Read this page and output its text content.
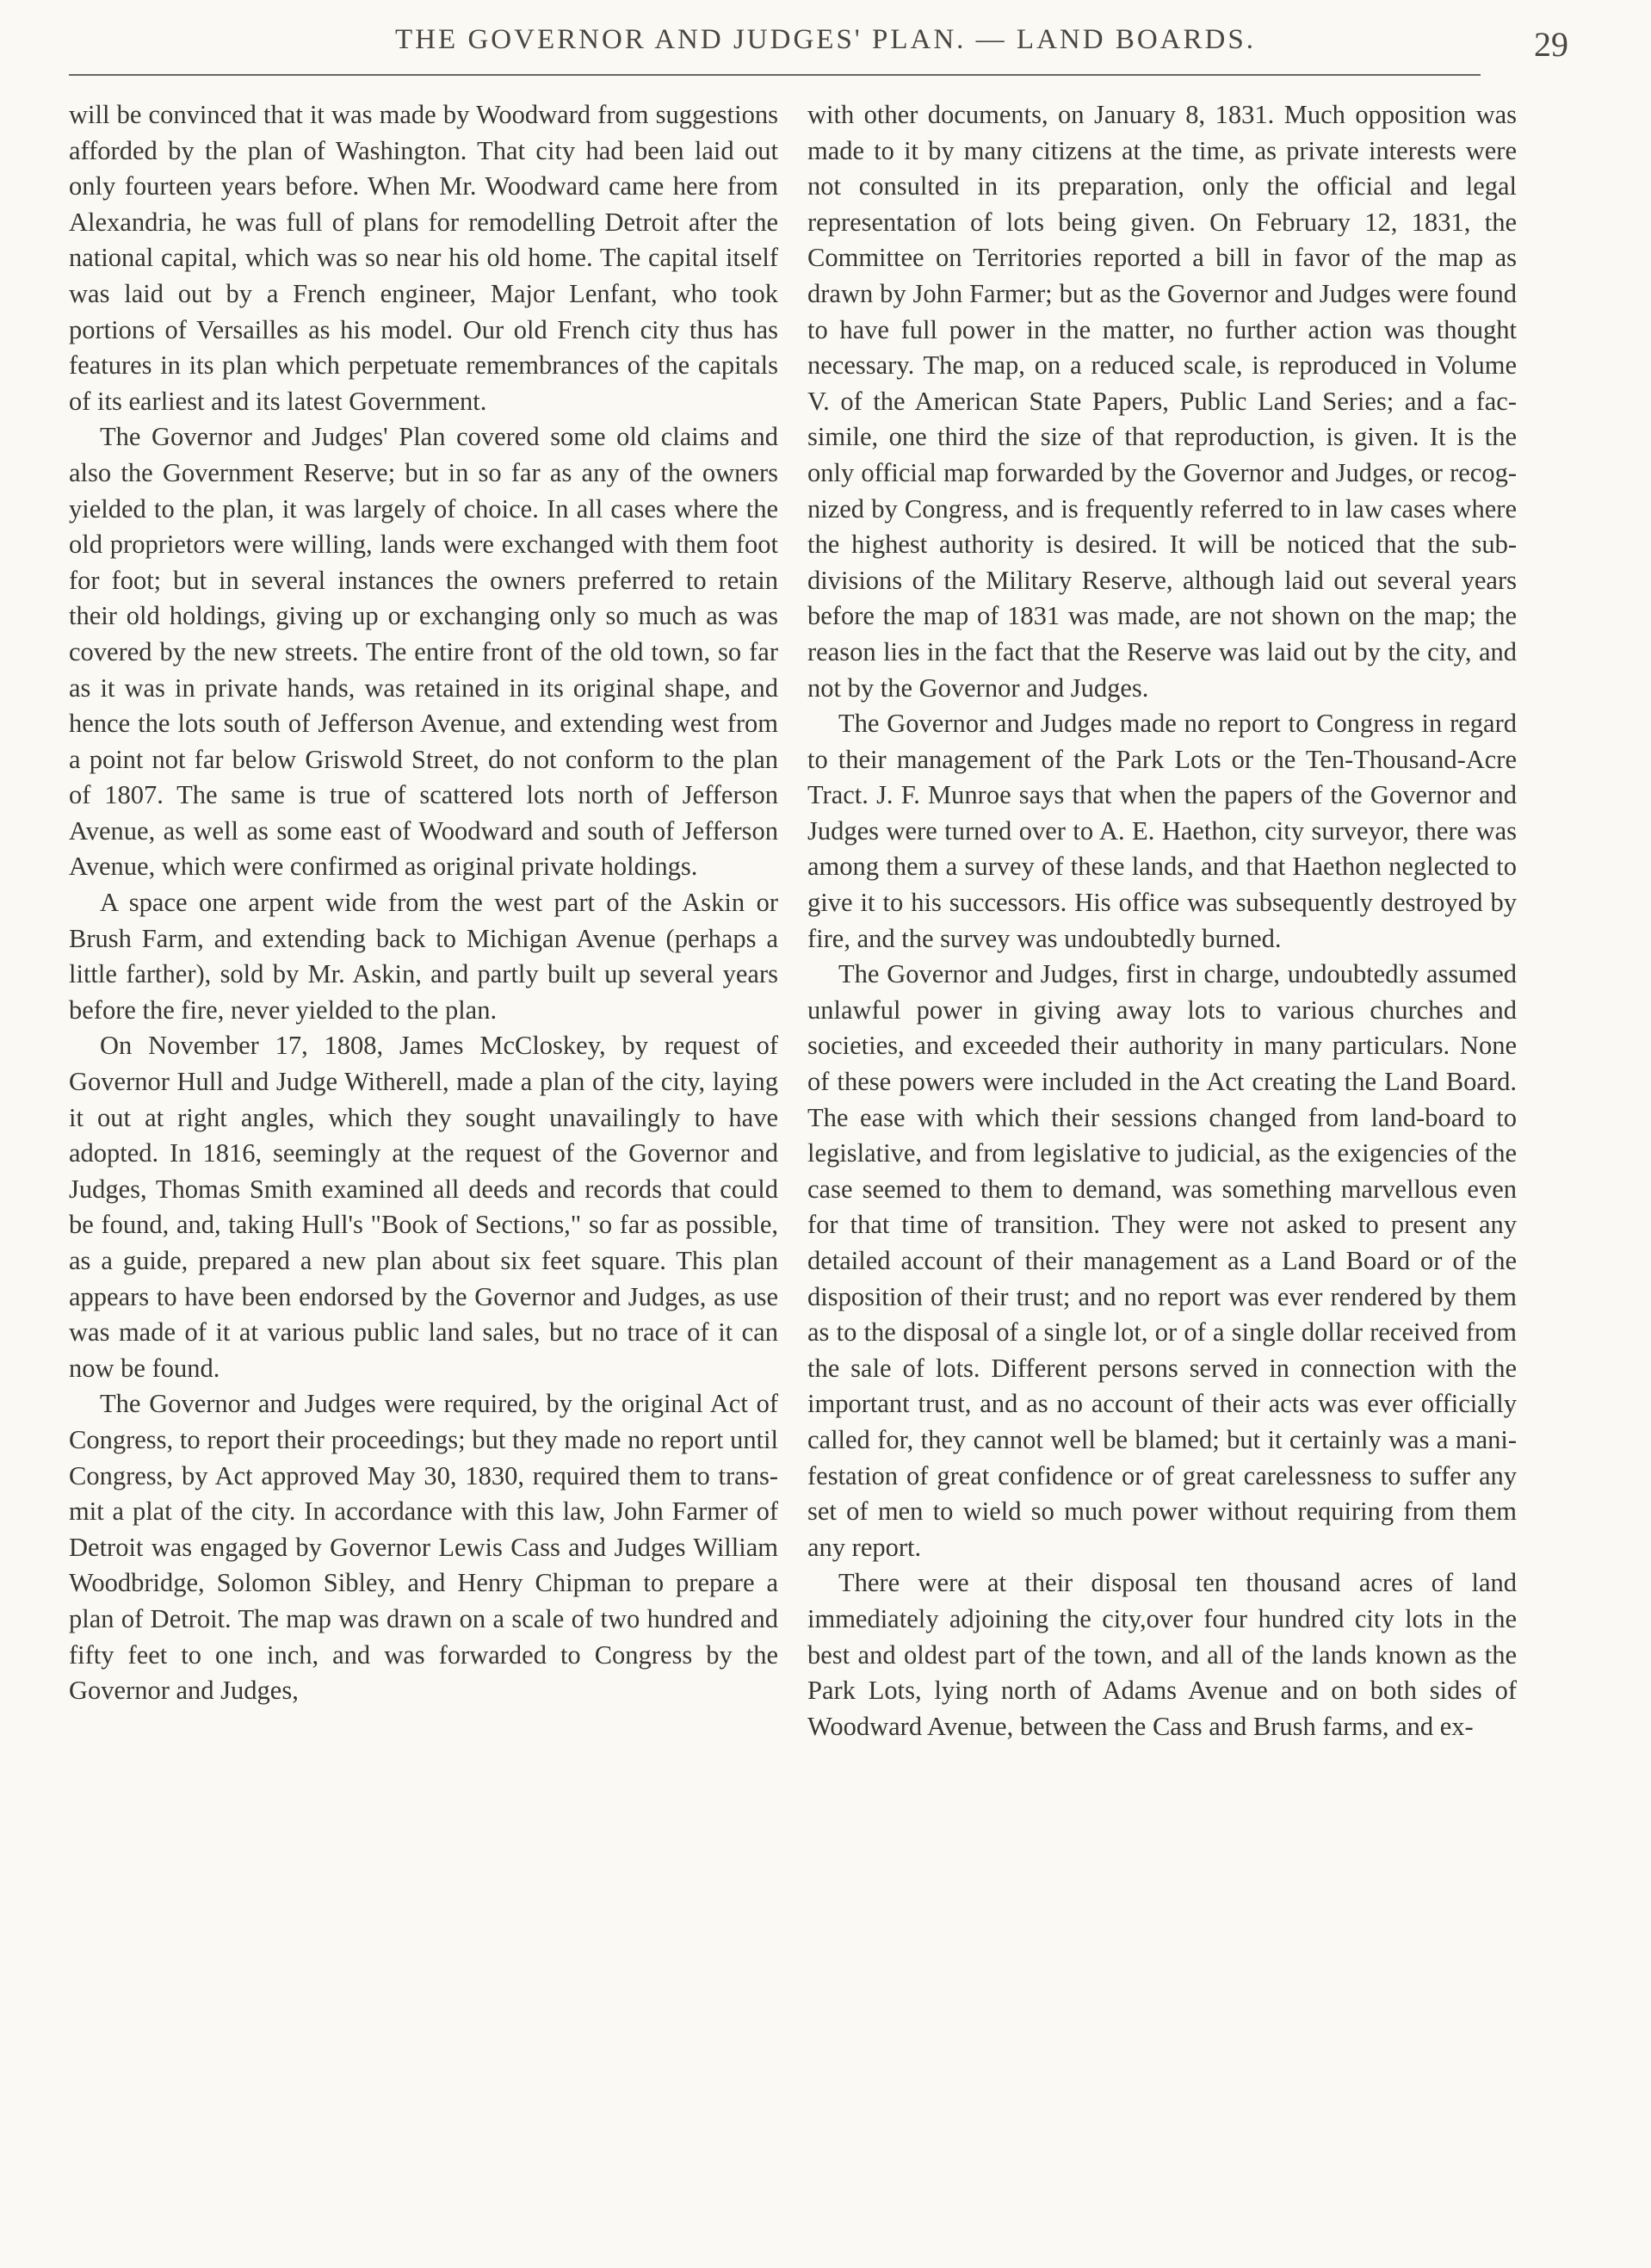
THE GOVERNOR AND JUDGES' PLAN. — LAND BOARDS.	29

will be convinced that it was made by Woodward from suggestions afforded by the plan of Washington. That city had been laid out only fourteen years before. When Mr. Woodward came here from Alexandria, he was full of plans for remodelling Detroit after the national capital, which was so near his old home. The capital itself was laid out by a French engineer, Major Lenfant, who took portions of Versailles as his model. Our old French city thus has features in its plan which perpetuate remembrances of the capitals of its earliest and its latest Government.

The Governor and Judges' Plan covered some old claims and also the Government Reserve; but in so far as any of the owners yielded to the plan, it was largely of choice. In all cases where the old proprietors were willing, lands were exchanged with them foot for foot; but in several instances the owners preferred to retain their old holdings, giving up or exchanging only so much as was covered by the new streets. The entire front of the old town, so far as it was in private hands, was retained in its original shape, and hence the lots south of Jefferson Avenue, and extending west from a point not far below Griswold Street, do not conform to the plan of 1807. The same is true of scattered lots north of Jefferson Avenue, as well as some east of Woodward and south of Jefferson Avenue, which were confirmed as original private holdings.

A space one arpent wide from the west part of the Askin or Brush Farm, and extending back to Michigan Avenue (perhaps a little farther), sold by Mr. Askin, and partly built up several years before the fire, never yielded to the plan.

On November 17, 1808, James McCloskey, by request of Governor Hull and Judge Witherell, made a plan of the city, laying it out at right angles, which they sought unavailingly to have adopted. In 1816, seemingly at the request of the Governor and Judges, Thomas Smith examined all deeds and records that could be found, and, taking Hull's "Book of Sections," so far as possible, as a guide, prepared a new plan about six feet square. This plan appears to have been endorsed by the Governor and Judges, as use was made of it at various public land sales, but no trace of it can now be found.

The Governor and Judges were required, by the original Act of Congress, to report their proceedings; but they made no report until Congress, by Act approved May 30, 1830, required them to transmit a plat of the city. In accordance with this law, John Farmer of Detroit was engaged by Governor Lewis Cass and Judges William Woodbridge, Solomon Sibley, and Henry Chipman to prepare a plan of Detroit. The map was drawn on a scale of two hundred and fifty feet to one inch, and was forwarded to Congress by the Governor and Judges,

with other documents, on January 8, 1831. Much opposition was made to it by many citizens at the time, as private interests were not consulted in its preparation, only the official and legal representation of lots being given. On February 12, 1831, the Committee on Territories reported a bill in favor of the map as drawn by John Farmer; but as the Governor and Judges were found to have full power in the matter, no further action was thought necessary. The map, on a reduced scale, is reproduced in Volume V. of the American State Papers, Public Land Series; and a fac-simile, one third the size of that reproduction, is given. It is the only official map forwarded by the Governor and Judges, or recognized by Congress, and is frequently referred to in law cases where the highest authority is desired. It will be noticed that the sub-divisions of the Military Reserve, although laid out several years before the map of 1831 was made, are not shown on the map; the reason lies in the fact that the Reserve was laid out by the city, and not by the Governor and Judges.

The Governor and Judges made no report to Congress in regard to their management of the Park Lots or the Ten-Thousand-Acre Tract. J. F. Munroe says that when the papers of the Governor and Judges were turned over to A. E. Haethon, city surveyor, there was among them a survey of these lands, and that Haethon neglected to give it to his successors. His office was subsequently destroyed by fire, and the survey was undoubtedly burned.

The Governor and Judges, first in charge, undoubtedly assumed unlawful power in giving away lots to various churches and societies, and exceeded their authority in many particulars. None of these powers were included in the Act creating the Land Board. The ease with which their sessions changed from land-board to legislative, and from legislative to judicial, as the exigencies of the case seemed to them to demand, was something marvellous even for that time of transition. They were not asked to present any detailed account of their management as a Land Board or of the disposition of their trust; and no report was ever rendered by them as to the disposal of a single lot, or of a single dollar received from the sale of lots. Different persons served in connection with the important trust, and as no account of their acts was ever officially called for, they cannot well be blamed; but it certainly was a manifestation of great confidence or of great carelessness to suffer any set of men to wield so much power without requiring from them any report.

There were at their disposal ten thousand acres of land immediately adjoining the city,over four hundred city lots in the best and oldest part of the town, and all of the lands known as the Park Lots, lying north of Adams Avenue and on both sides of Woodward Avenue, between the Cass and Brush farms, and ex-
